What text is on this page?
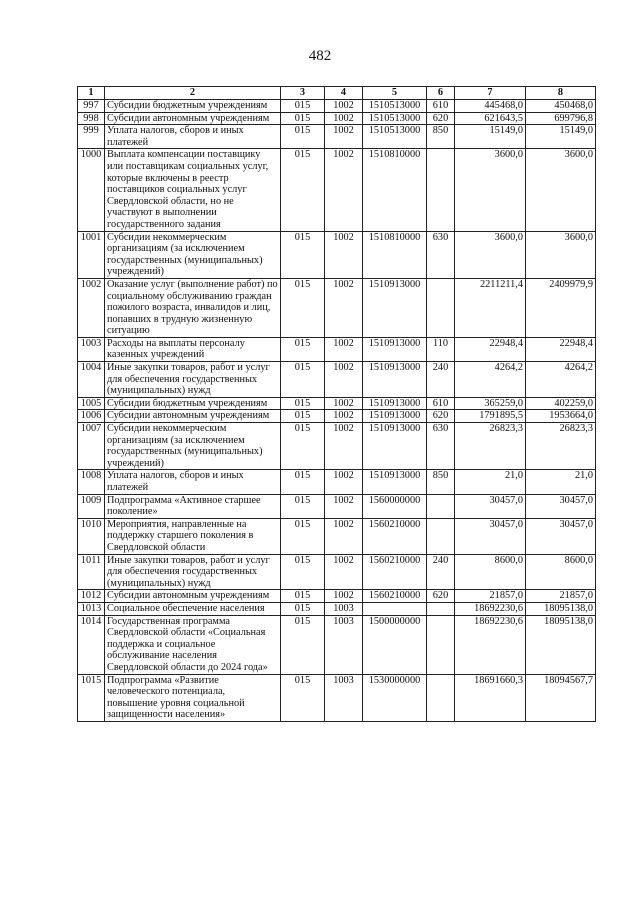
482
1	2	3	4	5	6	7	8
997	Субсидии бюджетным учреждениям	015	1002	1510513000	610	445468,0	450468,0
998	Субсидии автономным учреждениям	015	1002	1510513000	620	621643,5	699796,8
999	Уплата налогов, сборов и иных платежей	015	1002	1510513000	850	15149,0	15149,0
1000	Выплата компенсации поставщику или поставщикам социальных услуг, которые включены в реестр поставщиков социальных услуг Свердловской области, но не участвуют в выполнении государственного задания	015	1002	1510810000		3600,0	3600,0
1001	Субсидии некоммерческим организациям (за исключением государственных (муниципальных) учреждений)	015	1002	1510810000	630	3600,0	3600,0
1002	Оказание услуг (выполнение работ) по социальному обслуживанию граждан пожилого возраста, инвалидов и лиц, попавших в трудную жизненную ситуацию	015	1002	1510913000		2211211,4	2409979,9
1003	Расходы на выплаты персоналу казенных учреждений	015	1002	1510913000	110	22948,4	22948,4
1004	Иные закупки товаров, работ и услуг для обеспечения государственных (муниципальных) нужд	015	1002	1510913000	240	4264,2	4264,2
1005	Субсидии бюджетным учреждениям	015	1002	1510913000	610	365259,0	402259,0
1006	Субсидии автономным учреждениям	015	1002	1510913000	620	1791895,5	1953664,0
1007	Субсидии некоммерческим организациям (за исключением государственных (муниципальных) учреждений)	015	1002	1510913000	630	26823,3	26823,3
1008	Уплата налогов, сборов и иных платежей	015	1002	1510913000	850	21,0	21,0
1009	Подпрограмма «Активное старшее поколение»	015	1002	1560000000		30457,0	30457,0
1010	Мероприятия, направленные на поддержку старшего поколения в Свердловской области	015	1002	1560210000		30457,0	30457,0
1011	Иные закупки товаров, работ и услуг для обеспечения государственных (муниципальных) нужд	015	1002	1560210000	240	8600,0	8600,0
1012	Субсидии автономным учреждениям	015	1002	1560210000	620	21857,0	21857,0
1013	Социальное обеспечение населения	015	1003			18692230,6	18095138,0
1014	Государственная программа Свердловской области «Социальная поддержка и социальное обслуживание населения Свердловской области до 2024 года»	015	1003	1500000000		18692230,6	18095138,0
1015	Подпрограмма «Развитие человеческого потенциала, повышение уровня социальной защищенности населения»	015	1003	1530000000		18691660,3	18094567,7
